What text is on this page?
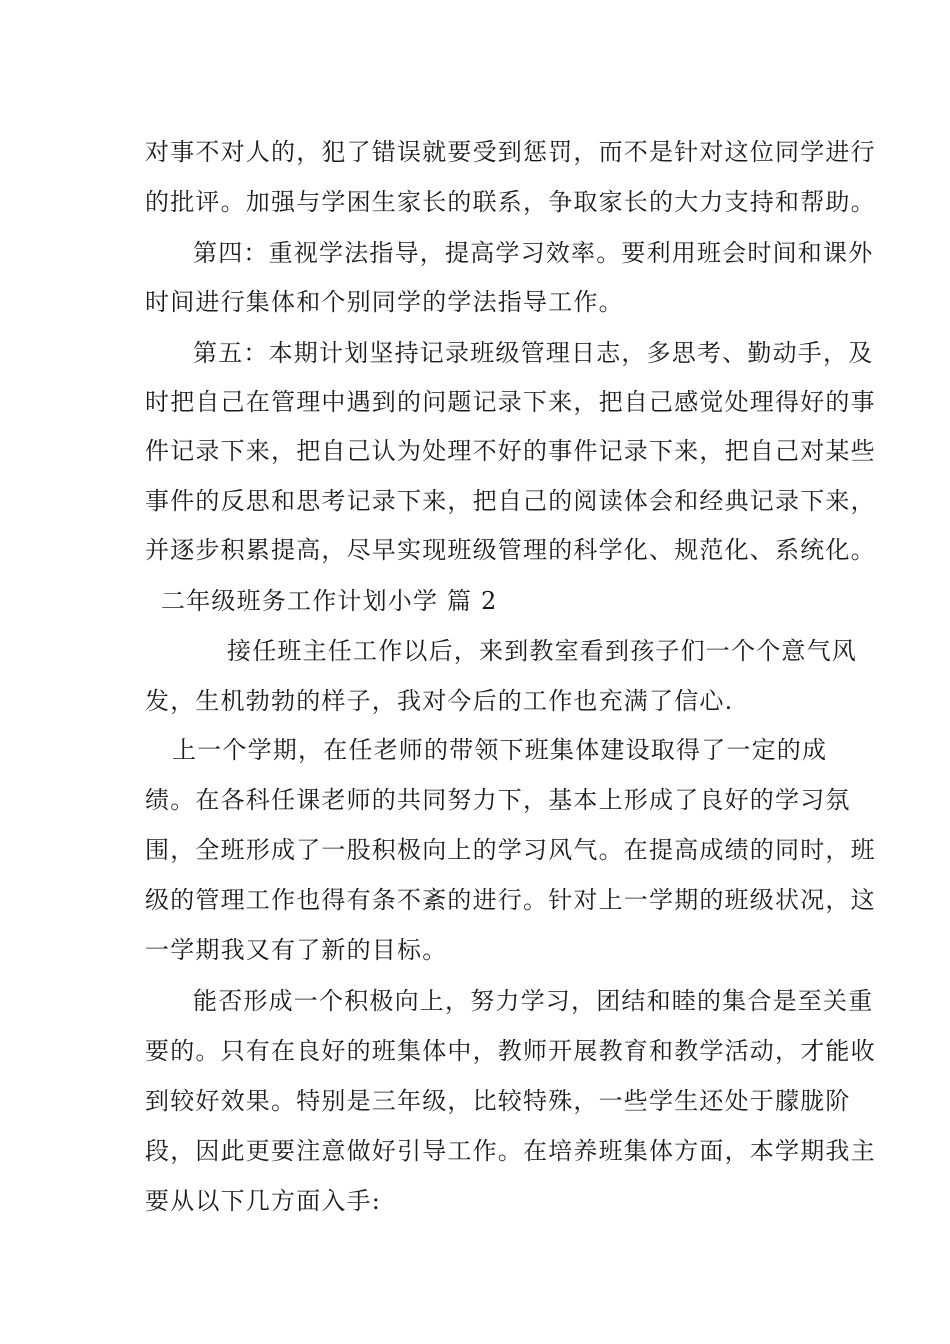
对事不对人的，犯了错误就要受到惩罚，而不是针对这位同学进行
的批评。加强与学困生家长的联系，争取家长的大力支持和帮助。
第四：重视学法指导，提高学习效率。要利用班会时间和课外
时间进行集体和个别同学的学法指导工作。
第五：本期计划坚持记录班级管理日志，多思考、勤动手，及
时把自己在管理中遇到的问题记录下来，把自己感觉处理得好的事
件记录下来，把自己认为处理不好的事件记录下来，把自己对某些
事件的反思和思考记录下来，把自己的阅读体会和经典记录下来，
并逐步积累提高，尽早实现班级管理的科学化、规范化、系统化。
二年级班务工作计划小学 篇 2
接任班主任工作以后，来到教室看到孩子们一个个意气风
发，生机勃勃的样子，我对今后的工作也充满了信心.
上一个学期，在任老师的带领下班集体建设取得了一定的成
绩。在各科任课老师的共同努力下，基本上形成了良好的学习氛
围，全班形成了一股积极向上的学习风气。在提高成绩的同时，班
级的管理工作也得有条不紊的进行。针对上一学期的班级状况，这
一学期我又有了新的目标。
能否形成一个积极向上，努力学习，团结和睦的集合是至关重
要的。只有在良好的班集体中，教师开展教育和教学活动，才能收
到较好效果。特别是三年级，比较特殊，一些学生还处于朦胧阶
段，因此更要注意做好引导工作。在培养班集体方面，本学期我主
要从以下几方面入手:
